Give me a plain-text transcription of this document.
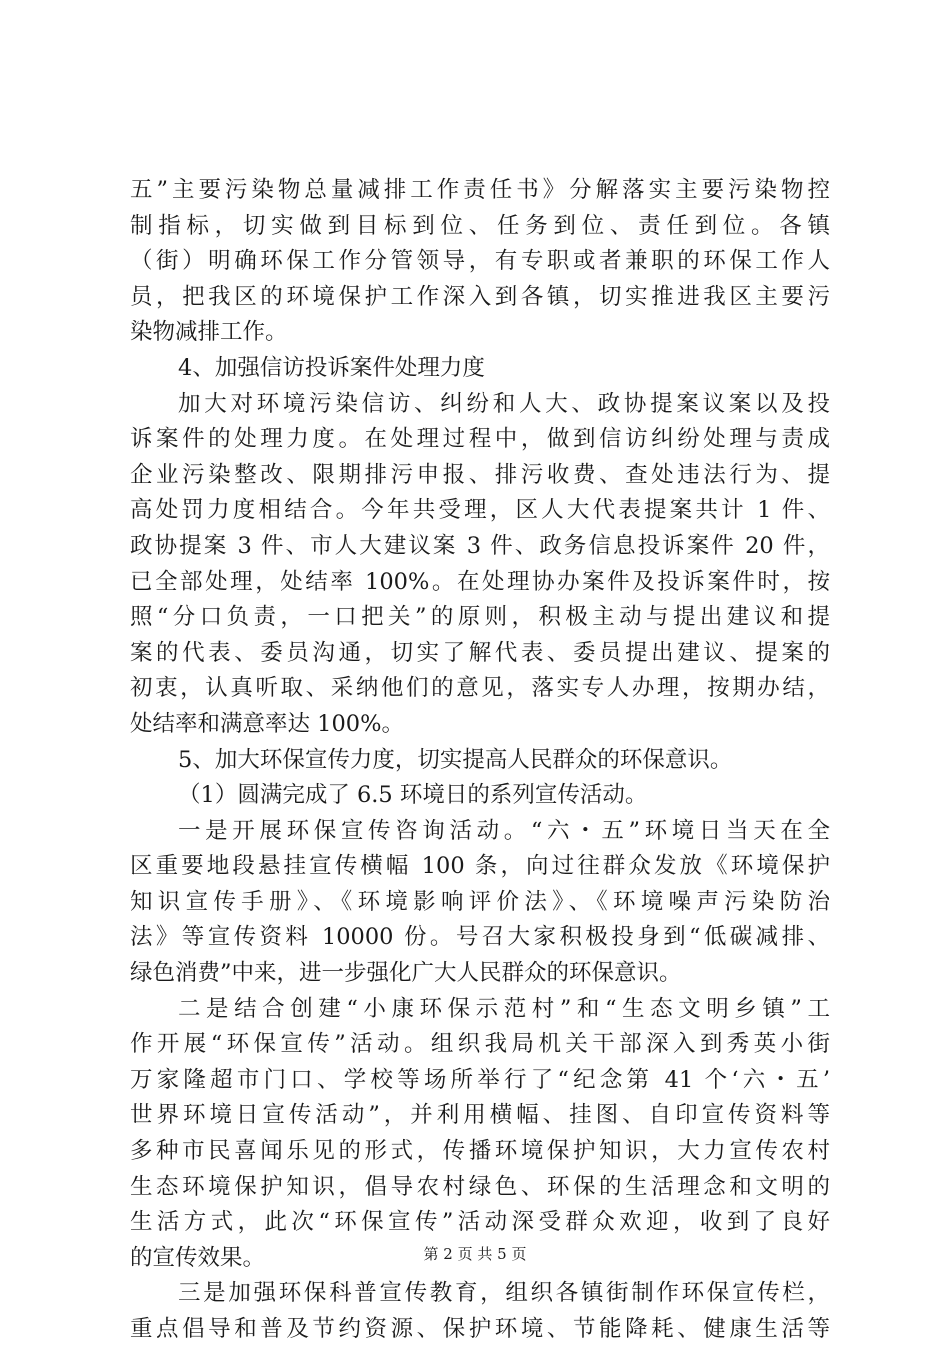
五”主要污染物总量减排工作责任书》分解落实主要污染物控
制指标，切实做到目标到位、任务到位、责任到位。各镇
（街）明确环保工作分管领导，有专职或者兼职的环保工作人
员，把我区的环境保护工作深入到各镇，切实推进我区主要污
染物减排工作。
4、加强信访投诉案件处理力度
加大对环境污染信访、纠纷和人大、政协提案议案以及投
诉案件的处理力度。在处理过程中，做到信访纠纷处理与责成
企业污染整改、限期排污申报、排污收费、查处违法行为、提
高处罚力度相结合。今年共受理，区人大代表提案共计 1 件、
政协提案 3 件、市人大建议案 3 件、政务信息投诉案件 20 件，
已全部处理，处结率 100%。在处理协办案件及投诉案件时，按
照“分口负责，一口把关”的原则，积极主动与提出建议和提
案的代表、委员沟通，切实了解代表、委员提出建议、提案的
初衷，认真听取、采纳他们的意见，落实专人办理，按期办结，
处结率和满意率达 100%。
5、加大环保宣传力度，切实提高人民群众的环保意识。
（1）圆满完成了 6.5 环境日的系列宣传活动。
一是开展环保宣传咨询活动。“六・五”环境日当天在全
区重要地段悬挂宣传横幅 100 条，向过往群众发放《环境保护
知识宣传手册》、《环境影响评价法》、《环境噪声污染防治
法》等宣传资料 10000 份。号召大家积极投身到“低碳减排、
绿色消费”中来，进一步强化广大人民群众的环保意识。
二是结合创建“小康环保示范村”和“生态文明乡镇”工
作开展“环保宣传”活动。组织我局机关干部深入到秀英小街
万家隆超市门口、学校等场所举行了“纪念第 41 个‘六・五’
世界环境日宣传活动”，并利用横幅、挂图、自印宣传资料等
多种市民喜闻乐见的形式，传播环境保护知识，大力宣传农村
生态环境保护知识，倡导农村绿色、环保的生活理念和文明的
生活方式，此次“环保宣传”活动深受群众欢迎，收到了良好
的宣传效果。
三是加强环保科普宣传教育，组织各镇街制作环保宣传栏，
重点倡导和普及节约资源、保护环境、节能降耗、健康生活等
第 2 页 共 5 页
